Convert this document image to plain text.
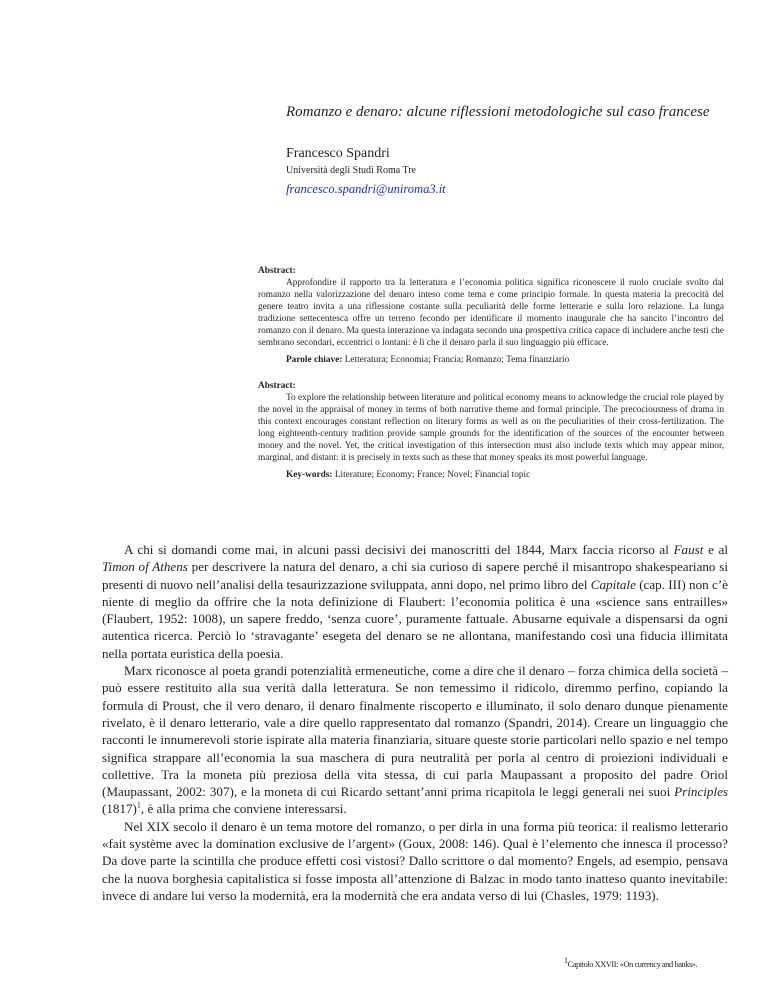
Romanzo e denaro: alcune riflessioni metodologiche sul caso francese
Francesco Spandri
Università degli Studi Roma Tre
francesco.spandri@uniroma3.it
Abstract:

Approfondire il rapporto tra la letteratura e l’economia politica significa riconoscere il ruolo cruciale svolto dal romanzo nella valorizzazione del denaro inteso come tema e come principio formale. In questa materia la precocità del genere teatro invita a una riflessione costante sulla peculiarità delle forme letterarie e sulla loro relazione. La lunga tradizione settecentesca offre un terreno fecondo per identificare il momento inaugurale che ha sancito l’incontro del romanzo con il denaro. Ma questa interazione va indagata secondo una prospettiva critica capace di includere anche testi che sembrano secondari, eccentrici o lontani: è lì che il denaro parla il suo linguaggio più efficace.

Parole chiave: Letteratura; Economia; Francia; Romanzo; Tema finanziario
Abstract:

To explore the relationship between literature and political economy means to acknowledge the crucial role played by the novel in the appraisal of money in terms of both narrative theme and formal principle. The precociousness of drama in this context encourages constant reflection on literary forms as well as on the peculiarities of their cross-fertilization. The long eighteenth-century tradition provide sample grounds for the identification of the sources of the encounter between money and the novel. Yet, the critical investigation of this intersection must also include texts which may appear minor, marginal, and distant: it is precisely in texts such as these that money speaks its most powerful language.

Key-words: Literature; Economy; France; Novel; Financial topic

A chi si domandi come mai, in alcuni passi decisivi dei manoscritti del 1844, Marx faccia ricorso al Faust e al Timon of Athens per descrivere la natura del denaro, a chi sia curioso di sapere perché il misantropo shakespeariano si presenti di nuovo nell’analisi della tesaurizzazione sviluppata, anni dopo, nel primo libro del Capitale (cap. III) non c’è niente di meglio da offrire che la nota definizione di Flaubert: l’economia politica è una «science sans entrailles» (Flaubert, 1952: 1008), un sapere freddo, ‘senza cuore’, puramente fattuale. Abusarne equivale a dispensarsi da ogni autentica ricerca. Perciò lo ‘stravagante’ esegeta del denaro se ne allontana, manifestando così una fiducia illimitata nella portata euristica della poesia.

Marx riconosce al poeta grandi potenzialità ermeneutiche, come a dire che il denaro – forza chimica della società – può essere restituito alla sua verità dalla letteratura. Se non temessimo il ridicolo, diremmo perfino, copiando la formula di Proust, che il vero denaro, il denaro finalmente riscoperto e illuminato, il solo denaro dunque pienamente rivelato, è il denaro letterario, vale a dire quello rappresentato dal romanzo (Spandri, 2014). Creare un linguaggio che racconti le innumerevoli storie ispirate alla materia finanziaria, situare queste storie particolari nello spazio e nel tempo significa strappare all’economia la sua maschera di pura neutralità per porla al centro di proiezioni individuali e collettive. Tra la moneta più preziosa della vita stessa, di cui parla Maupassant a proposito del padre Oriol (Maupassant, 2002: 307), e la moneta di cui Ricardo settant’anni prima ricapitola le leggi generali nei suoi Principles $(1817)^1$, è alla prima che conviene interessarsi.

Nel XIX secolo il denaro è un tema motore del romanzo, o per dirla in una forma più teorica: il realismo letterario «fait système avec la domination exclusive de l’argent» (Goux, 2008: 146). Qual è l’elemento che innesca il processo? Da dove parte la scintilla che produce effetti così vistosi? Dallo scrittore o dal momento? Engels, ad esempio, pensava che la nuova borghesia capitalistica si fosse imposta all’attenzione di Balzac in modo tanto inatteso quanto inevitabile: invece di andare lui verso la modernità, era la modernità che era andata verso di lui (Chasles, 1979: 1193).

$^1$Capitolo XXVII: «On currency and banks».
